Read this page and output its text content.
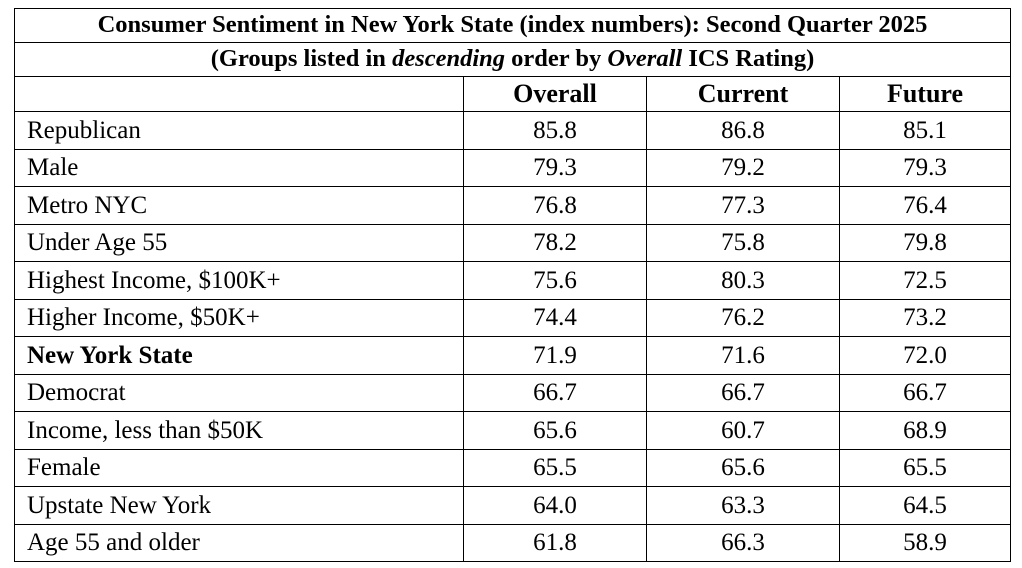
Consumer Sentiment in New York State (index numbers): Second Quarter 2025			
(Groups listed in descending order by Overall ICS Rating)			
	Overall	Current	Future
Republican	85.8	86.8	85.1
Male	79.3	79.2	79.3
Metro NYC	76.8	77.3	76.4
Under Age 55	78.2	75.8	79.8
Highest Income, $100K+	75.6	80.3	72.5
Higher Income, $50K+	74.4	76.2	73.2
New York State	71.9	71.6	72.0
Democrat	66.7	66.7	66.7
Income, less than $50K	65.6	60.7	68.9
Female	65.5	65.6	65.5
Upstate New York	64.0	63.3	64.5
Age 55 and older	61.8	66.3	58.9
